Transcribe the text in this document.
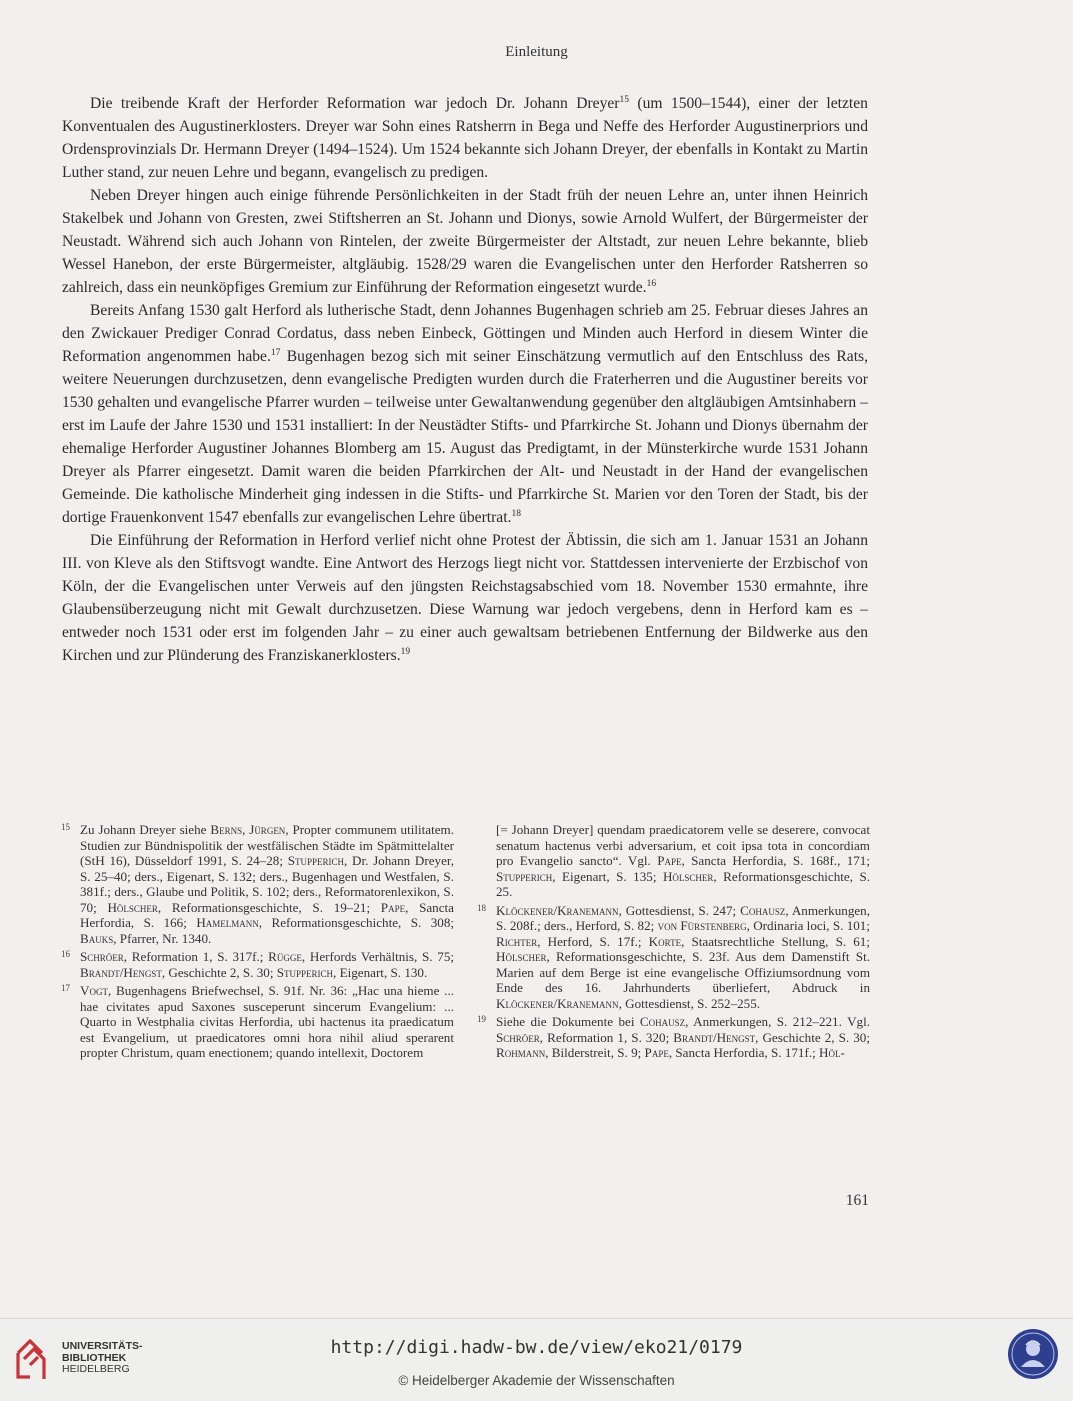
Einleitung

Die treibende Kraft der Herforder Reformation war jedoch Dr. Johann Dreyer$^{15}$ (um 1500–1544), einer der letzten Konventualen des Augustinerklosters. Dreyer war Sohn eines Ratsherrn in Bega und Neffe des Herforder Augustinerpriors und Ordensprovinzials Dr. Hermann Dreyer (1494–1524). Um 1524 bekannte sich Johann Dreyer, der ebenfalls in Kontakt zu Martin Luther stand, zur neuen Lehre und begann, evangelisch zu predigen.

Neben Dreyer hingen auch einige führende Persönlichkeiten in der Stadt früh der neuen Lehre an, unter ihnen Heinrich Stakelbek und Johann von Gresten, zwei Stiftsherren an St. Johann und Dionys, sowie Arnold Wulfert, der Bürgermeister der Neustadt. Während sich auch Johann von Rintelen, der zweite Bürgermeister der Altstadt, zur neuen Lehre bekannte, blieb Wessel Hanebon, der erste Bürgermeister, altgläubig. 1528/29 waren die Evangelischen unter den Herforder Ratsherren so zahlreich, dass ein neunköpfiges Gremium zur Einführung der Reformation eingesetzt wurde.$^{16}$

Bereits Anfang 1530 galt Herford als lutherische Stadt, denn Johannes Bugenhagen schrieb am 25. Februar dieses Jahres an den Zwickauer Prediger Conrad Cordatus, dass neben Einbeck, Göttingen und Minden auch Herford in diesem Winter die Reformation angenommen habe.$^{17}$ Bugenhagen bezog sich mit seiner Einschätzung vermutlich auf den Entschluss des Rats, weitere Neuerungen durchzusetzen, denn evangelische Predigten wurden durch die Fraterherren und die Augustiner bereits vor 1530 gehalten und evangelische Pfarrer wurden – teilweise unter Gewaltanwendung gegenüber den altgläubigen Amtsinhabern – erst im Laufe der Jahre 1530 und 1531 installiert: In der Neustädter Stifts- und Pfarrkirche St. Johann und Dionys übernahm der ehemalige Herforder Augustiner Johannes Blomberg am 15. August das Predigtamt, in der Münsterkirche wurde 1531 Johann Dreyer als Pfarrer eingesetzt. Damit waren die beiden Pfarrkirchen der Alt- und Neustadt in der Hand der evangelischen Gemeinde. Die katholische Minderheit ging indessen in die Stifts- und Pfarrkirche St. Marien vor den Toren der Stadt, bis der dortige Frauenkonvent 1547 ebenfalls zur evangelischen Lehre übertrat.$^{18}$

Die Einführung der Reformation in Herford verlief nicht ohne Protest der Äbtissin, die sich am 1. Januar 1531 an Johann III. von Kleve als den Stiftsvogt wandte. Eine Antwort des Herzogs liegt nicht vor. Stattdessen intervenierte der Erzbischof von Köln, der die Evangelischen unter Verweis auf den jüngsten Reichstagsabschied vom 18. November 1530 ermahnte, ihre Glaubensüberzeugung nicht mit Gewalt durchzusetzen. Diese Warnung war jedoch vergebens, denn in Herford kam es – entweder noch 1531 oder erst im folgenden Jahr – zu einer auch gewaltsam betriebenen Entfernung der Bildwerke aus den Kirchen und zur Plünderung des Franziskanerklosters.$^{19}$

15 Zu Johann Dreyer siehe Berns, Jürgen, Propter communem utilitatem. Studien zur Bündnispolitik der westfälischen Städte im Spätmittelalter (StH 16), Düsseldorf 1991, S. 24–28; Stupperich, Dr. Johann Dreyer, S. 25–40; ders., Eigenart, S. 132; ders., Bugenhagen und Westfalen, S. 381f.; ders., Glaube und Politik, S. 102; ders., Reformatorenlexikon, S. 70; Hölscher, Reformationsgeschichte, S. 19–21; Pape, Sancta Herfordia, S. 166; Hamelmann, Reformationsgeschichte, S. 308; Bauks, Pfarrer, Nr. 1340.
16 Schröer, Reformation 1, S. 317f.; Rügge, Herfords Verhältnis, S. 75; Brandt/Hengst, Geschichte 2, S. 30; Stupperich, Eigenart, S. 130.
17 Vogt, Bugenhagens Briefwechsel, S. 91f. Nr. 36: „Hac una hieme ... hae civitates apud Saxones susceperunt sincerum Evangelium: ... Quarto in Westphalia civitas Herfordia, ubi hactenus ita praedicatum est Evangelium, ut praedicatores omni hora nihil aliud sperarent propter Christum, quam enectionem; quando intellexit, Doctorem
[= Johann Dreyer] quendam praedicatorem velle se deserere, convocat senatum hactenus verbi adversarium, et coit ipsa tota in concordiam pro Evangelio sancto“. Vgl. Pape, Sancta Herfordia, S. 168f., 171; Stupperich, Eigenart, S. 135; Hölscher, Reformationsgeschichte, S. 25.
18 Klöckener/Kranemann, Gottesdienst, S. 247; Cohausz, Anmerkungen, S. 208f.; ders., Herford, S. 82; von Fürstenberg, Ordinaria loci, S. 101; Richter, Herford, S. 17f.; Korte, Staatsrechtliche Stellung, S. 61; Hölscher, Reformationsgeschichte, S. 23f. Aus dem Damenstift St. Marien auf dem Berge ist eine evangelische Offiziumsordnung vom Ende des 16. Jahrhunderts überliefert, Abdruck in Klöckener/Kranemann, Gottesdienst, S. 252–255.
19 Siehe die Dokumente bei Cohausz, Anmerkungen, S. 212–221. Vgl. Schröer, Reformation 1, S. 320; Brandt/Hengst, Geschichte 2, S. 30; Rohmann, Bilderstreit, S. 9; Pape, Sancta Herfordia, S. 171f.; Höl-
161
UNIVERSITÄTS-
BIBLIOTHEK
HEIDELBERG
http://digi.hadw-bw.de/view/eko21/0179
© Heidelberger Akademie der Wissenschaften
